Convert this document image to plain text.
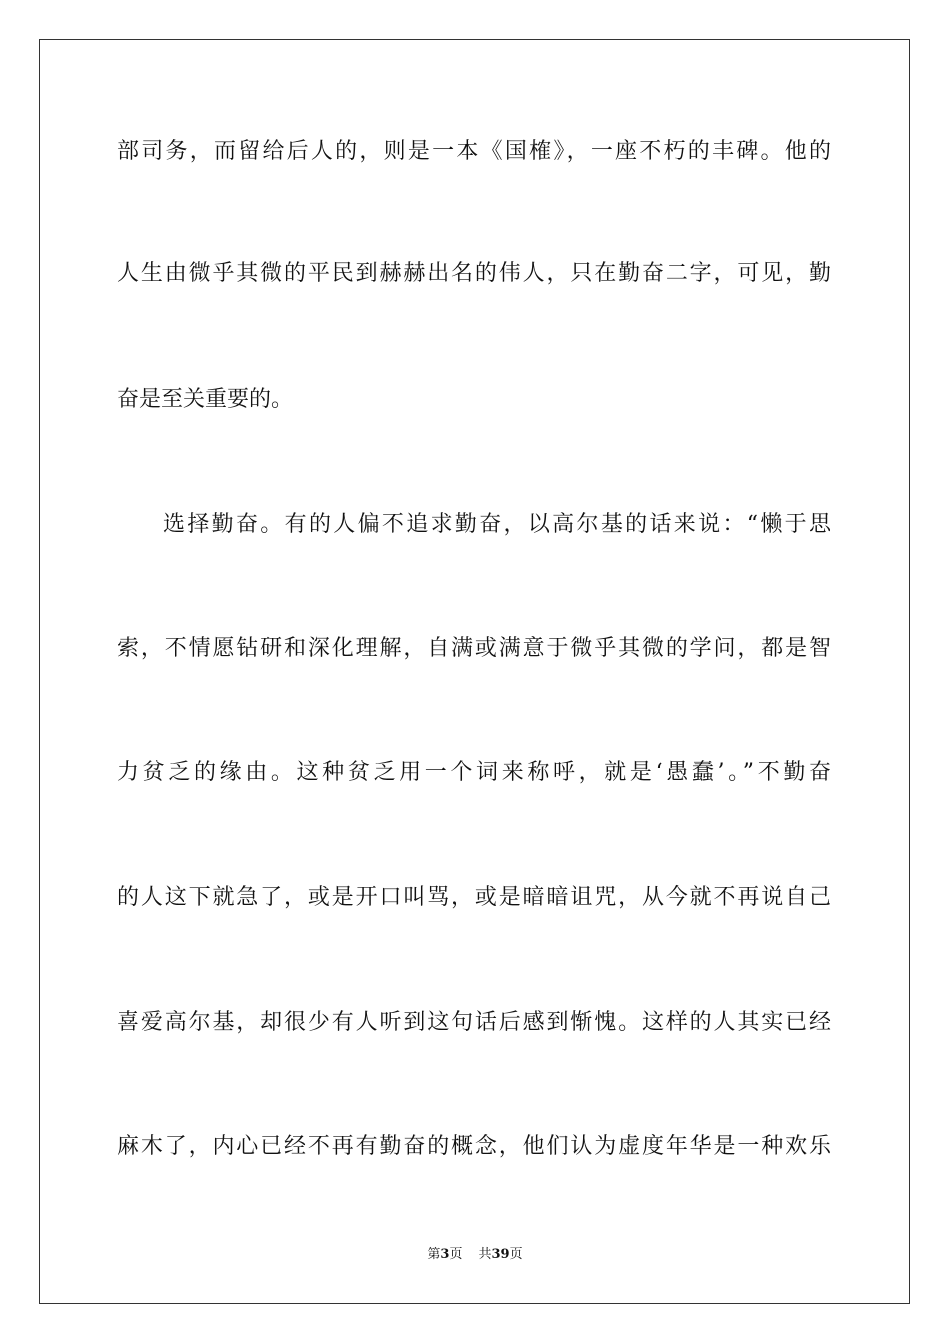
部司务，而留给后人的，则是一本《国榷》，一座不朽的丰碑。他的
人生由微乎其微的平民到赫赫出名的伟人，只在勤奋二字，可见，勤
奋是至关重要的。
选择勤奋。有的人偏不追求勤奋，以高尔基的话来说：“懒于思
索，不情愿钻研和深化理解，自满或满意于微乎其微的学问，都是智
力贫乏的缘由。这种贫乏用一个词来称呼，就是‘愚蠢’。”不勤奋
的人这下就急了，或是开口叫骂，或是暗暗诅咒，从今就不再说自己
喜爱高尔基，却很少有人听到这句话后感到惭愧。这样的人其实已经
麻木了，内心已经不再有勤奋的概念，他们认为虚度年华是一种欢乐
第3页 共39页
